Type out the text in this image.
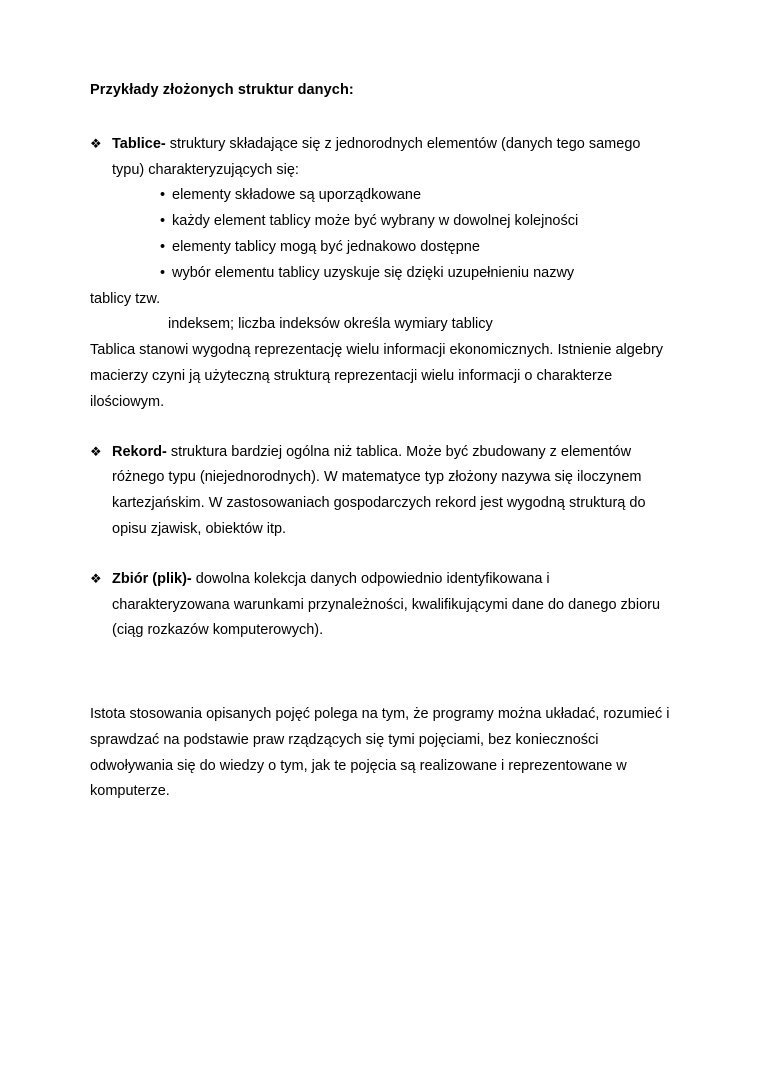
Przykłady złożonych struktur danych:
❖ Tablice- struktury składające się z jednorodnych elementów (danych tego samego typu) charakteryzujących się:

• elementy składowe są uporządkowane
• każdy element tablicy może być wybrany w dowolnej kolejności
• elementy tablicy mogą być jednakowo dostępne
• wybór elementu tablicy uzyskuje się dzięki uzupełnieniu nazwy

tablicy tzw.

indeksem; liczba indeksów określa wymiary tablicy

Tablica stanowi wygodną reprezentację wielu informacji ekonomicznych. Istnienie algebry macierzy czyni ją użyteczną strukturą reprezentacji wielu informacji o charakterze ilościowym.

❖ Rekord- struktura bardziej ogólna niż tablica. Może być zbudowany z elementów różnego typu (niejednorodnych). W matematyce typ złożony nazywa się iloczynem kartezjańskim. W zastosowaniach gospodarczych rekord jest wygodną strukturą do opisu zjawisk, obiektów itp.

❖ Zbiór (plik)- dowolna kolekcja danych odpowiednio identyfikowana i charakteryzowana warunkami przynależności, kwalifikującymi dane do danego zbioru (ciąg rozkazów komputerowych).

Istota stosowania opisanych pojęć polega na tym, że programy można układać, rozumieć i sprawdzać na podstawie praw rządzących się tymi pojęciami, bez konieczności odwoływania się do wiedzy o tym, jak te pojęcia są realizowane i reprezentowane w komputerze.
